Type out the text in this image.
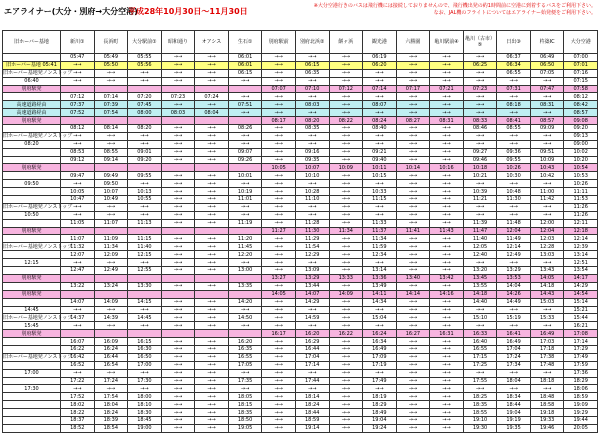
エアライナー(大分・別府→大分空港)
平成28年10月30日～11月30日
※大分空港行きのバスは飛行機には接続しておりませんので、飛行機出発の約1時間前に空港に到着するバスをご利用下さい。
なお、JAL機のフライトについてはエアライナー始発便をご利用下さい。
旧ホーバー基地	新川①	長浜町	大分駅前①	昭和通り	オアシス	生石①	別府駅前	別府北浜②	餅ヶ浜	観光港	六勝園	亀川駅前④	亀川（古市）⑤	日出③	杵築IC	大分空港
	05:47	05:49	05:55	→→	→→	06:01	→→	→→	→→	06:19	→→	→→	→→	06:37	06:49	07:00
旧ホーバー基地 05:41	→→	05:50	05:56	→→	→→	06:01	→→	06:15	→→	06:20	→→	→→	06:25	06:34	06:50	07:01
旧ホーバー基地発ノンストップ	→→	→→	→→	→→	→→	06:15	→→	06:35	→→	→→	→→	→→	→→	06:55	07:05	07:16
06:40	→→	→→	→→	→→	→→	→→	→→	→→	→→	→→	→→	→→	→→	→→	→→	07:15
別府駅発							07:07	07:10	07:12	07:14	07:17	07:21	07:23	07:31	07:47	07:58
	07:12	07:14	07:20	07:23	07:24	→→	→→	→→	→→	→→	→→	→→	→→	→→	→→	08:12
高速道路経由	07:37	07:39	07:45	→→	→→	07:51	→→	08:03	→→	08:07	→→	→→	→→	08:18	08:31	08:42
高速道路経由	07:52	07:54	08:00	08:03	08:04	→→	→→	→→	→→	→→	→→	→→	→→	→→	→→	08:57
別府駅発							08:17	08:20	08:22	08:24	08:27	08:31	08:33	08:41	08:57	09:08
	08:12	08:14	08:20	→→	→→	08:26	→→	08:35	→→	08:40	→→	→→	08:46	08:55	09:09	09:20
旧ホーバー基地発ノンストップ	→→	→→	→→	→→	→→	→→	→→	→→	→→	→→	→→	→→	→→	→→	→→	09:13
08:20	→→	→→	→→	→→	→→	→→	→→	→→	→→	→→	→→	→→	→→	→→	→→	09:00
	08:53	08:55	09:01	→→	→→	09:07	→→	09:16	→→	09:21	→→	→→	09:27	09:36	09:51	10:02
	09:12	09:14	09:20	→→	→→	09:26	→→	09:35	→→	09:40	→→	→→	09:46	09:55	10:09	10:20
別府駅発							10:05	10:07	10:09	10:11	10:14	10:16	10:18	10:26	10:43	10:54
	09:47	09:49	09:55	→→	→→	10:01	→→	10:10	→→	10:15	→→	→→	10:21	10:30	10:42	10:53
09:50	→→	09:50	→→	→→	→→	→→	→→	→→	→→	→→	→→	→→	→→	→→	→→	10:26
	10:05	10:07	10:13	→→	→→	10:19	→→	10:28	→→	10:33	→→	→→	10:39	10:48	11:00	11:11
	10:47	10:49	10:55	→→	→→	11:01	→→	11:10	→→	11:15	→→	→→	11:21	11:30	11:42	11:53
旧ホーバー基地発ノンストップ	→→	→→	→→	→→	→→	→→	→→	→→	→→	→→	→→	→→	→→	→→	→→	11:26
10:50	→→	→→	→→	→→	→→	→→	→→	→→	→→	→→	→→	→→	→→	→→	→→	11:26
	11:05	11:07	11:13	→→	→→	11:19	→→	11:28	→→	11:33	→→	→→	11:39	11:48	12:00	12:11
別府駅発							11:27	11:30	11:34	11:37	11:41	11:43	11:47	12:04	12:04	12:18
	11:07	11:09	11:15	→→	→→	11:20	→→	11:29	→→	11:34	→→	→→	11:40	11:49	12:03	12:14
旧ホーバー基地発ノンストップ	11:32	11:34	11:40	→→	→→	11:45	→→	11:54	→→	11:59	→→	→→	12:05	12:14	12:28	12:39
	12:07	12:09	12:15	→→	→→	12:20	→→	12:29	→→	12:34	→→	→→	12:40	12:49	13:03	13:14
12:15	→→	→→	→→	→→	→→	→→	→→	→→	→→	→→	→→	→→	→→	→→	→→	12:51
	12:47	12:49	12:55	→→	→→	13:00	→→	13:09	→→	13:14	→→	→→	13:20	13:29	13:43	13:54
別府駅発							13:27	13:29	13:33	13:36	13:40	13:42	13:45	13:53	14:05	14:17
	13:22	13:24	13:30	→→	→→	13:35	→→	13:44	→→	13:49	→→	→→	13:55	14:04	14:18	14:29
別府駅発							14:05	14:07	14:09	14:11	14:14	14:16	14:18	14:26	14:43	14:54
	14:07	14:09	14:15	→→	→→	14:20	→→	14:29	→→	14:34	→→	→→	14:40	14:49	15:03	15:14
14:45	→→	→→	→→	→→	→→	→→	→→	→→	→→	→→	→→	→→	→→	→→	→→	15:21
旧ホーバー基地発ノンストップ	14:37	14:39	14:45	→→	→→	14:50	→→	14:59	→→	15:04	→→	→→	15:10	15:19	15:33	15:44
15:45	→→	→→	→→	→→	→→	→→	→→	→→	→→	→→	→→	→→	→→	→→	→→	16:21
別府駅発							16:17	16:20	16:22	16:24	16:27	16:31	16:33	16:41	16:49	17:08
	16:07	16:09	16:15	→→	→→	16:20	→→	16:29	→→	16:34	→→	→→	16:40	16:49	17:03	17:14
	16:22	16:24	16:30	→→	→→	16:35	→→	16:44	→→	16:49	→→	→→	16:55	17:04	17:18	17:29
旧ホーバー基地発ノンストップ	16:42	16:44	16:50	→→	→→	16:55	→→	17:04	→→	17:09	→→	→→	17:15	17:24	17:38	17:49
	16:52	16:54	17:00	→→	→→	17:05	→→	17:14	→→	17:19	→→	→→	17:25	17:34	17:48	17:59
17:00	→→	→→	→→	→→	→→	→→	→→	→→	→→	→→	→→	→→	→→	→→	→→	17:36
	17:22	17:24	17:30	→→	→→	17:35	→→	17:44	→→	17:49	→→	→→	17:55	18:04	18:18	18:29
17:30	→→	→→	→→	→→	→→	→→	→→	→→	→→	→→	→→	→→	→→	→→	→→	18:06
	17:52	17:54	18:00	→→	→→	18:05	→→	18:14	→→	18:19	→→	→→	18:25	18:34	18:48	18:59
	18:02	18:04	18:10	→→	→→	18:15	→→	18:24	→→	18:29	→→	→→	18:35	18:44	18:58	19:09
	18:22	18:24	18:30	→→	→→	18:35	→→	18:44	→→	18:49	→→	→→	18:55	19:04	19:18	19:29
	18:37	18:39	18:45	→→	→→	18:50	→→	18:59	→→	19:04	→→	→→	19:10	19:19	19:33	19:44
	18:52	18:54	19:00	→→	→→	19:05	→→	19:14	→→	19:24	→→	→→	19:30	19:35	19:46	20:05
